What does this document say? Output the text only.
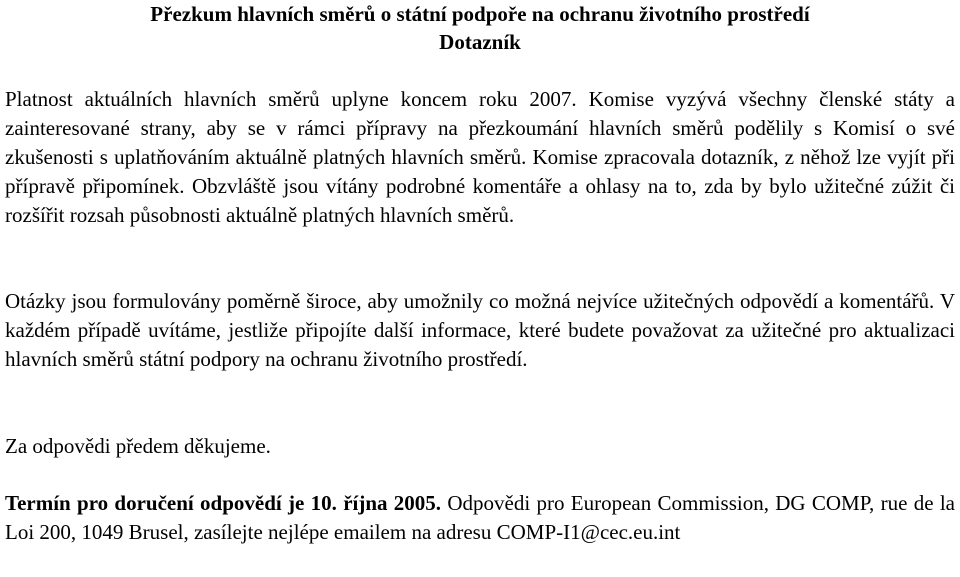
Přezkum hlavních směrů o státní podpoře na ochranu životního prostředí
Dotazník
Platnost aktuálních hlavních směrů uplyne koncem roku 2007. Komise vyzývá všechny členské státy a zainteresované strany, aby se v rámci přípravy na přezkoumání hlavních směrů podělily s Komisí o své zkušenosti s uplatňováním aktuálně platných hlavních směrů. Komise zpracovala dotazník, z něhož lze vyjít při přípravě připomínek. Obzvláště jsou vítány podrobné komentáře a ohlasy na to, zda by bylo užitečné zúžit či rozšířit rozsah působnosti aktuálně platných hlavních směrů.
Otázky jsou formulovány poměrně široce, aby umožnily co možná nejvíce užitečných odpovědí a komentářů. V každém případě uvítáme, jestliže připojíte další informace, které budete považovat za užitečné pro aktualizaci hlavních směrů státní podpory na ochranu životního prostředí.
Za odpovědi předem děkujeme.
Termín pro doručení odpovědí je 10. října 2005. Odpovědi pro European Commission, DG COMP, rue de la Loi 200, 1049 Brusel, zasílejte nejlépe emailem na adresu COMP-I1@cec.eu.int
